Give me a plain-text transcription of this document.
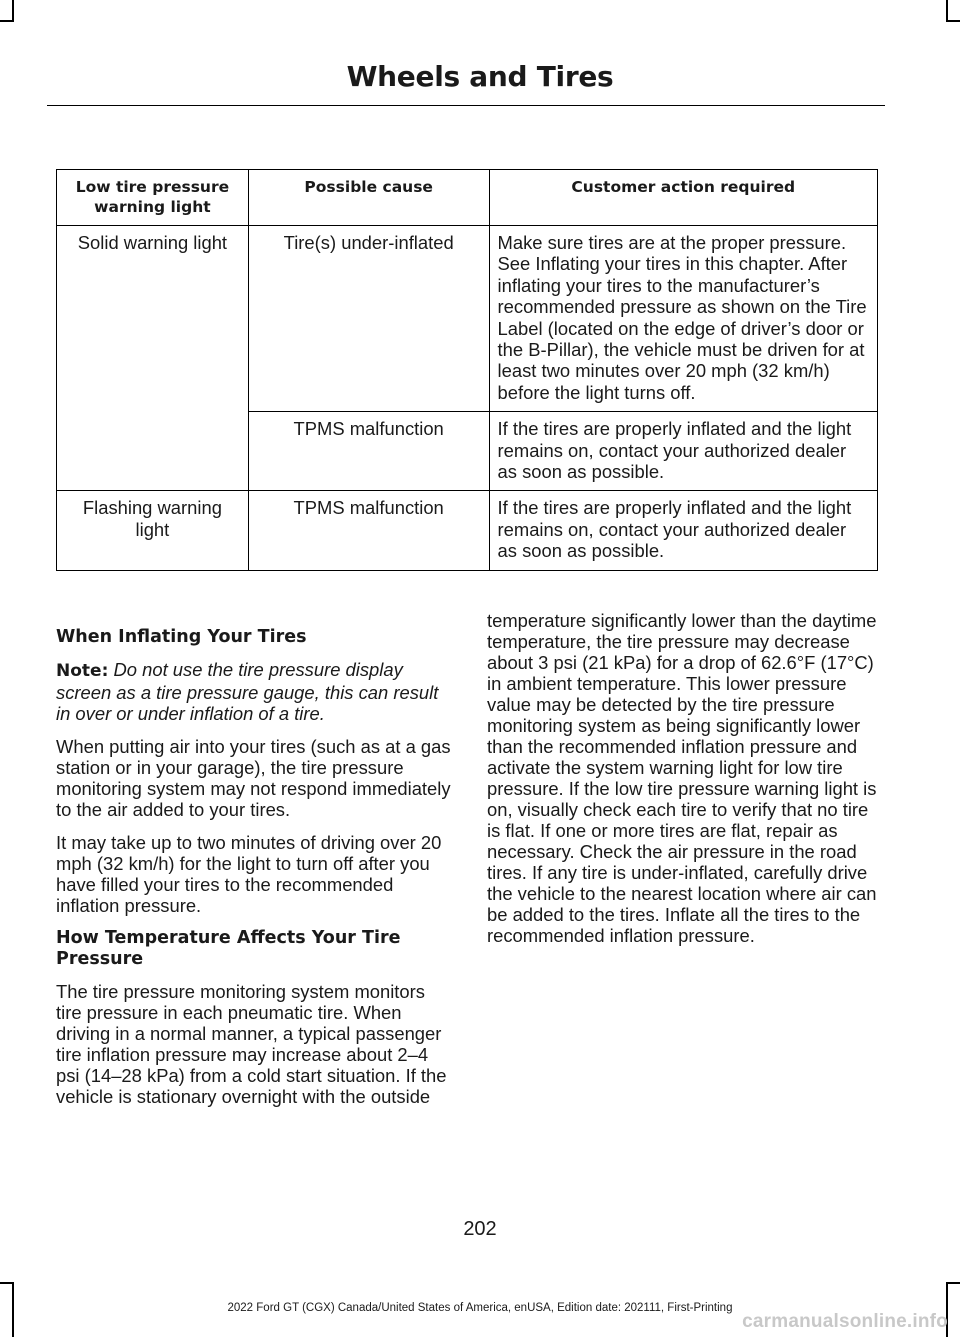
Wheels and Tires
Low tire pressure warning light	Possible cause	Customer action required
Solid warning light	Tire(s) under-inflated	Make sure tires are at the proper pressure. See Inflating your tires in this chapter. After inflating your tires to the manufacturer’s recommended pressure as shown on the Tire Label (located on the edge of driver’s door or the B-Pillar), the vehicle must be driven for at least two minutes over 20 mph (32 km/h) before the light turns off.
	TPMS malfunction	If the tires are properly inflated and the light remains on, contact your authorized dealer as soon as possible.
Flashing warning light	TPMS malfunction	If the tires are properly inflated and the light remains on, contact your authorized dealer as soon as possible.
When Inflating Your Tires

Note: Do not use the tire pressure display screen as a tire pressure gauge, this can result in over or under inflation of a tire.

When putting air into your tires (such as at a gas station or in your garage), the tire pressure monitoring system may not respond immediately to the air added to your tires.

It may take up to two minutes of driving over 20 mph (32 km/h) for the light to turn off after you have filled your tires to the recommended inflation pressure.

How Temperature Affects Your Tire Pressure

The tire pressure monitoring system monitors tire pressure in each pneumatic tire. When driving in a normal manner, a typical passenger tire inflation pressure may increase about 2–4 psi (14–28 kPa) from a cold start situation. If the vehicle is stationary overnight with the outside

temperature significantly lower than the daytime temperature, the tire pressure may decrease about 3 psi (21 kPa) for a drop of 62.6°F (17°C) in ambient temperature. This lower pressure value may be detected by the tire pressure monitoring system as being significantly lower than the recommended inflation pressure and activate the system warning light for low tire pressure. If the low tire pressure warning light is on, visually check each tire to verify that no tire is flat. If one or more tires are flat, repair as necessary. Check the air pressure in the road tires. If any tire is under-inflated, carefully drive the vehicle to the nearest location where air can be added to the tires. Inflate all the tires to the recommended inflation pressure.

202
2022 Ford GT (CGX) Canada/United States of America, enUSA, Edition date: 202111, First-Printing
carmanualsonline.info
